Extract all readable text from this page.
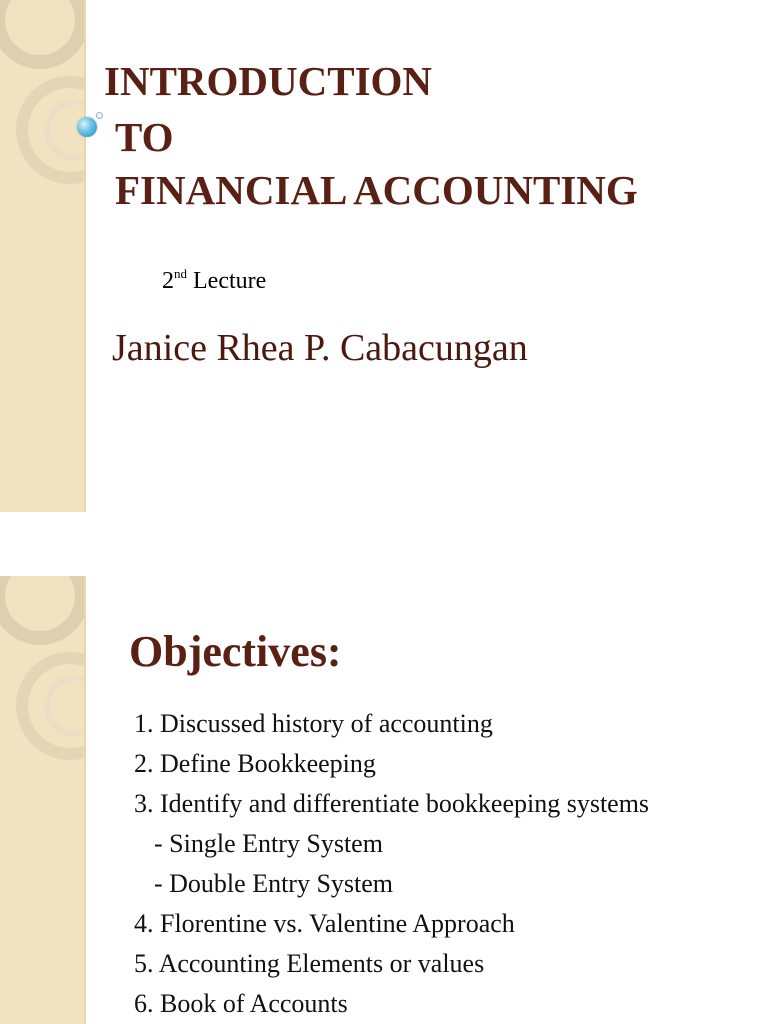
INTRODUCTION
TO
FINANCIAL ACCOUNTING
2nd Lecture
Janice Rhea P. Cabacungan
Objectives:
1. Discussed history of accounting
2. Define Bookkeeping
3. Identify and differentiate bookkeeping systems
- Single Entry System
- Double Entry System
4. Florentine vs. Valentine Approach
5. Accounting Elements or values
6. Book of Accounts
